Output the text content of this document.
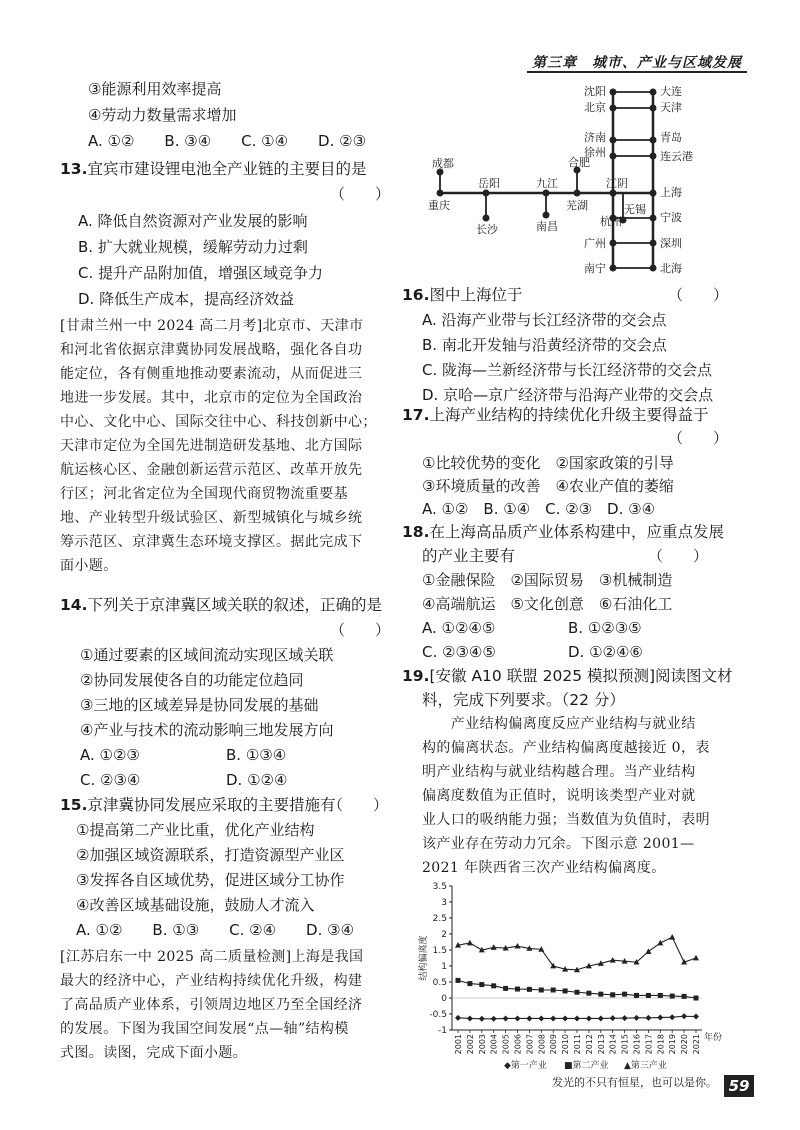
第三章　城市、产业与区域发展
③能源利用效率提高
④劳动力数量需求增加
A. ①②　　B. ③④　　C. ①④　　D. ②③
13.宜宾市建设锂电池全产业链的主要目的是
（　　）
A. 降低自然资源对产业发展的影响
B. 扩大就业规模，缓解劳动力过剩
C. 提升产品附加值，增强区域竞争力
D. 降低生产成本，提高经济效益
[甘肃兰州一中 2024 高二月考]北京市、天津市
和河北省依据京津冀协同发展战略，强化各自功
能定位，各有侧重地推动要素流动，从而促进三
地进一步发展。其中，北京市的定位为全国政治
中心、文化中心、国际交往中心、科技创新中心；
天津市定位为全国先进制造研发基地、北方国际
航运核心区、金融创新运营示范区、改革开放先
行区；河北省定位为全国现代商贸物流重要基
地、产业转型升级试验区、新型城镇化与城乡统
筹示范区、京津冀生态环境支撑区。据此完成下
面小题。
14.下列关于京津冀区域关联的叙述，正确的是
（　　）
①通过要素的区域间流动实现区域关联
②协同发展使各自的功能定位趋同
③三地的区域差异是协同发展的基础
④产业与技术的流动影响三地发展方向
A. ①②③	B. ①③④
C. ②③④	D. ①②④
15.京津冀协同发展应采取的主要措施有
（　　）
①提高第二产业比重，优化产业结构
②加强区域资源联系，打造资源型产业区
③发挥各自区域优势，促进区域分工协作
④改善区域基础设施，鼓励人才流入
A. ①②　　B. ①③　　C. ②④　　D. ③④
[江苏启东一中 2025 高二质量检测]上海是我国
最大的经济中心，产业结构持续优化升级，构建
了高品质产业体系，引领周边地区乃至全国经济
的发展。下图为我国空间发展“点—轴”结构模
式图。读图，完成下面小题。
沈阳	大连
北京	天津
济南	青岛
徐州	连云港
成都	合肥
岳阳	九江	江阴
上海
重庆	芜湖	无锡
杭州	宁波
长沙	南昌
广州	深圳
南宁	北海
16.图中上海位于	（　　）
A. 沿海产业带与长江经济带的交会点
B. 南北开发轴与沿黄经济带的交会点
C. 陇海—兰新经济带与长江经济带的交会点
D. 京哈—京广经济带与沿海产业带的交会点
17.上海产业结构的持续优化升级主要得益于
（　　）
①比较优势的变化　②国家政策的引导
③环境质量的改善　④农业产值的萎缩
A. ①②　B. ①④　C. ②③　D. ③④
18.在上海高品质产业体系构建中，应重点发展
的产业主要有	（　　）
①金融保险　②国际贸易　③机械制造
④高端航运　⑤文化创意　⑥石油化工
A. ①②④⑤	B. ①②③⑤
C. ②③④⑤	D. ①②④⑥
19.[安徽 A10 联盟 2025 模拟预测]阅读图文材
料，完成下列要求。（22 分）
　　产业结构偏离度反应产业结构与就业结
构的偏离状态。产业结构偏离度越接近 0，表
明产业结构与就业结构越合理。当产业结构
偏离度数值为正值时，说明该类型产业对就
业人口的吸纳能力强；当数值为负值时，表明
该产业存在劳动力冗余。下图示意 2001—
2021 年陕西省三次产业结构偏离度。
3.5
3
2.5
2
1.5
1
0.5
0
-0.5
-1
结构偏离度
2001 2002 2003 2004 2005 2006 2007 2008 2009 2010 2011 2012 2013 2014 2015 2016 2017 2018 2019 2020 2021 年份
◆第一产业 ■第二产业 ▲第三产业
发光的不只有恒星，也可以是你。 59
